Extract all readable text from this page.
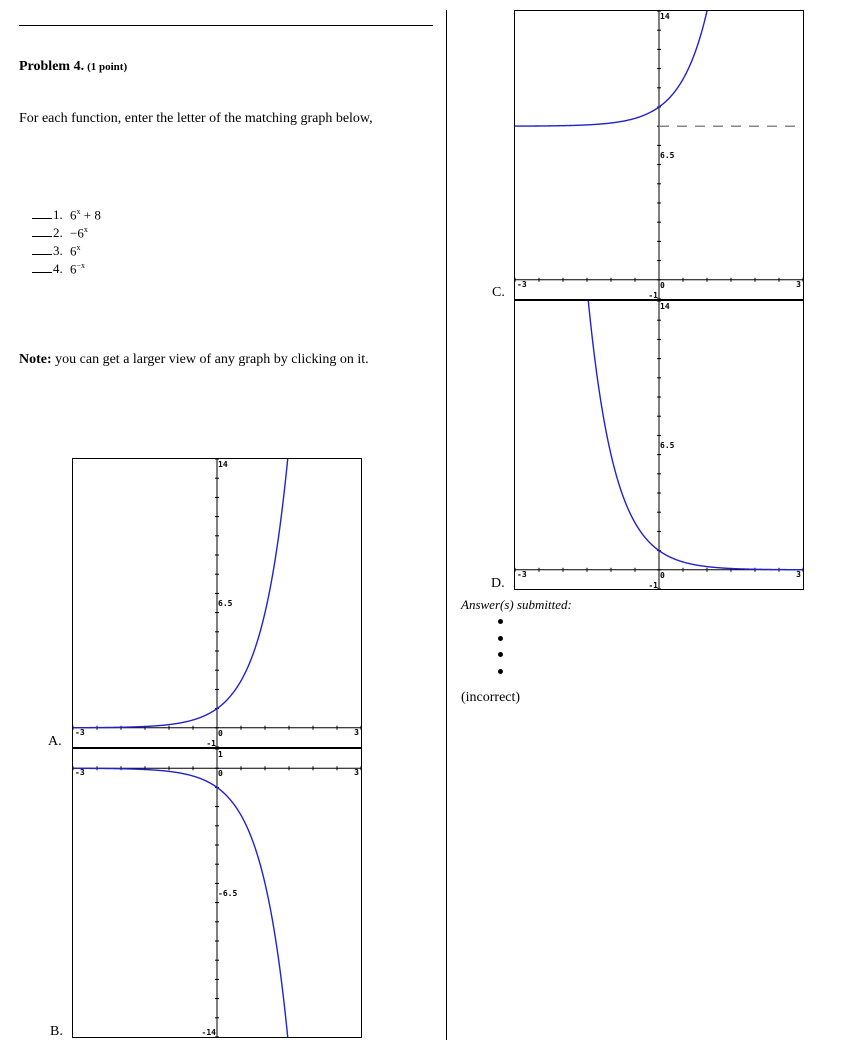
Problem 4. (1 point)
For each function, enter the letter of the matching graph below,
1. $6^x + 8$
2. $-6^x$
3. 6$^x$
4. $6^{-x}$
Note: you can get a larger view of any graph by clicking on it.
A.
14
6.5
-3	3
0
-1
B.
1
-6.5
-3	3
0
-14
C.
14
6.5
-3	3
0
-1
D.
14
6.5
-3	3
0
-1
Answer(s) submitted:
(incorrect)
